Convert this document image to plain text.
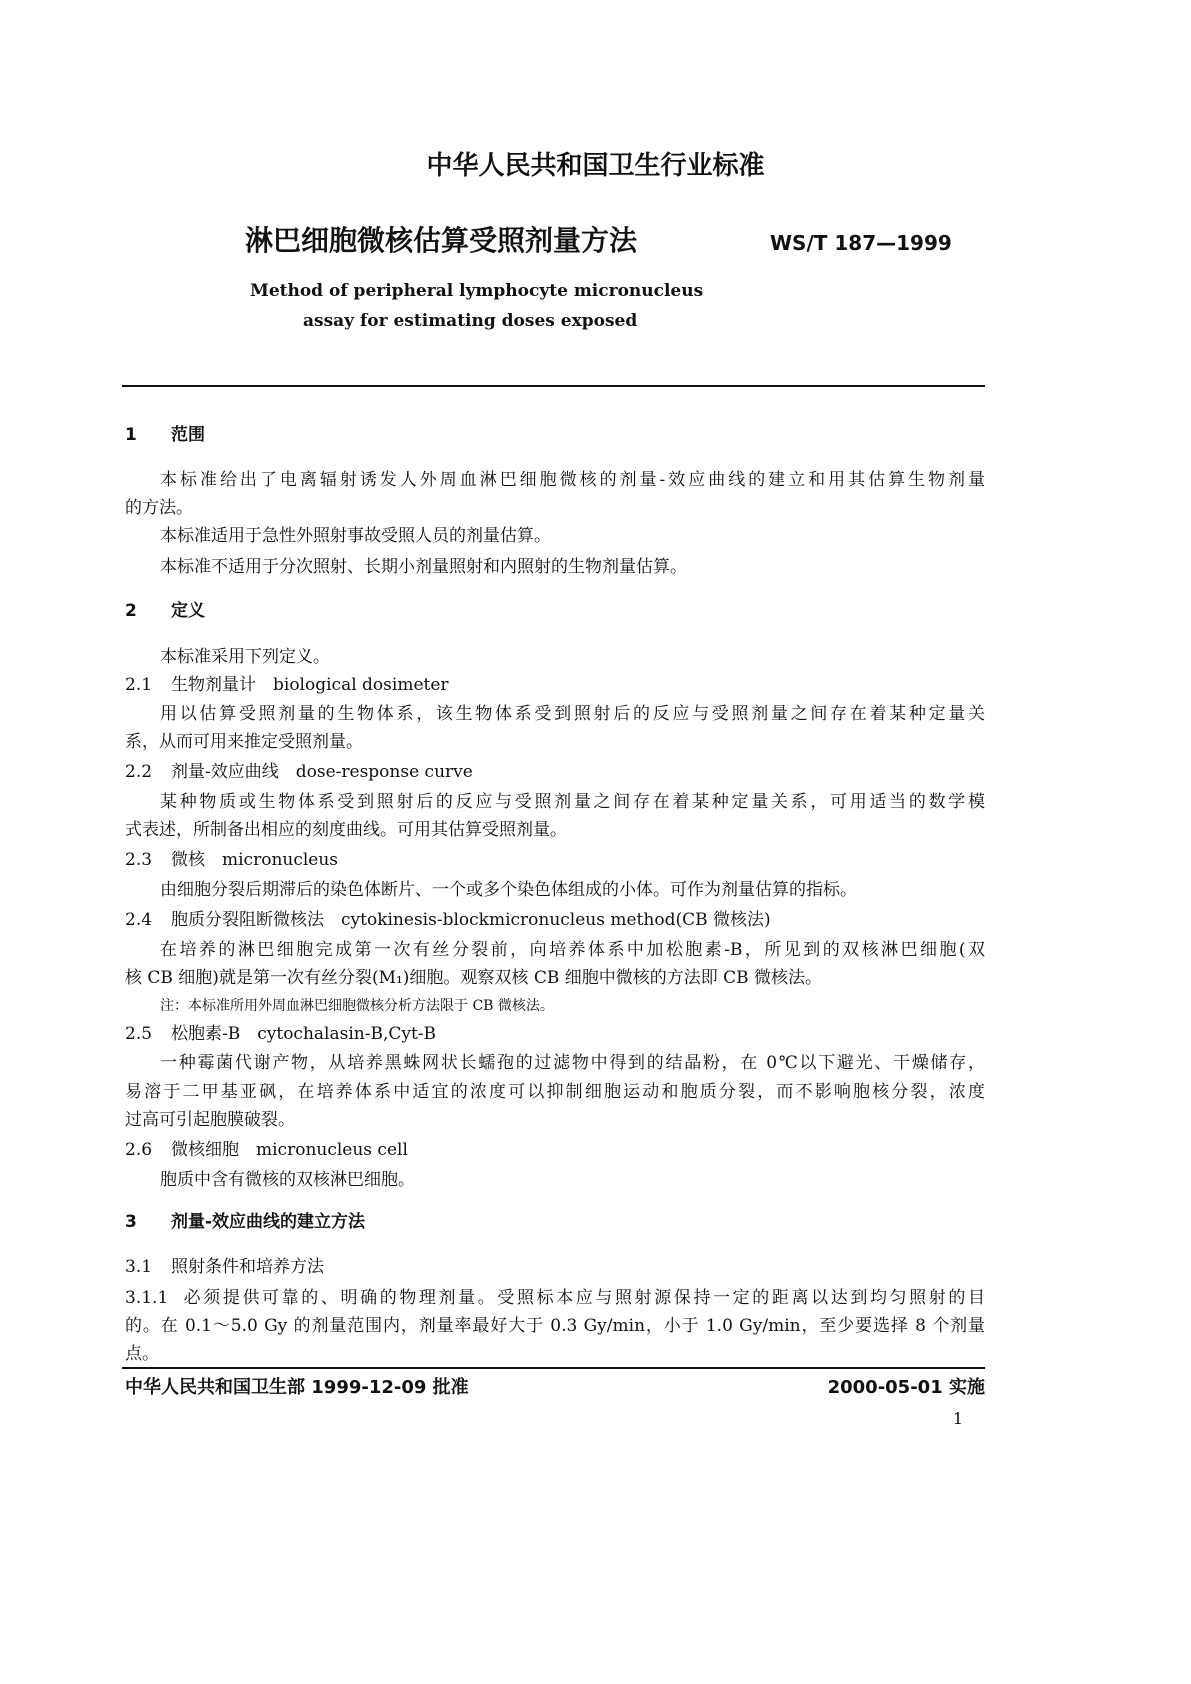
中华人民共和国卫生行业标准
淋巴细胞微核估算受照剂量方法	WS/T 187—1999
Method of peripheral lymphocyte micronucleus
assay for estimating doses exposed
1 范围
本标准给出了电离辐射诱发人外周血淋巴细胞微核的剂量-效应曲线的建立和用其估算生物剂量
的方法。
本标准适用于急性外照射事故受照人员的剂量估算。
本标准不适用于分次照射、长期小剂量照射和内照射的生物剂量估算。
2 定义
本标准采用下列定义。
2.1 生物剂量计　biological dosimeter
用以估算受照剂量的生物体系，该生物体系受到照射后的反应与受照剂量之间存在着某种定量关
系，从而可用来推定受照剂量。
2.2 剂量-效应曲线　dose-response curve
某种物质或生物体系受到照射后的反应与受照剂量之间存在着某种定量关系，可用适当的数学模
式表述，所制备出相应的刻度曲线。可用其估算受照剂量。
2.3 微核　micronucleus
由细胞分裂后期滞后的染色体断片、一个或多个染色体组成的小体。可作为剂量估算的指标。
2.4 胞质分裂阻断微核法　cytokinesis-blockmicronucleus method(CB 微核法)
在培养的淋巴细胞完成第一次有丝分裂前，向培养体系中加松胞素-B，所见到的双核淋巴细胞(双
核 CB 细胞)就是第一次有丝分裂(M₁)细胞。观察双核 CB 细胞中微核的方法即 CB 微核法。
注：本标准所用外周血淋巴细胞微核分析方法限于 CB 微核法。
2.5 松胞素-B　cytochalasin-B,Cyt-B
一种霉菌代谢产物，从培养黑蛛网状长蠕孢的过滤物中得到的结晶粉，在 0℃以下避光、干燥储存，
易溶于二甲基亚砜，在培养体系中适宜的浓度可以抑制细胞运动和胞质分裂，而不影响胞核分裂，浓度
过高可引起胞膜破裂。
2.6 微核细胞　micronucleus cell
胞质中含有微核的双核淋巴细胞。
3 剂量-效应曲线的建立方法
3.1 照射条件和培养方法
3.1.1 必须提供可靠的、明确的物理剂量。受照标本应与照射源保持一定的距离以达到均匀照射的目
的。在 0.1～5.0 Gy 的剂量范围内，剂量率最好大于 0.3 Gy/min，小于 1.0 Gy/min，至少要选择 8 个剂量
点。
中华人民共和国卫生部 1999-12-09 批准	2000-05-01 实施
1
